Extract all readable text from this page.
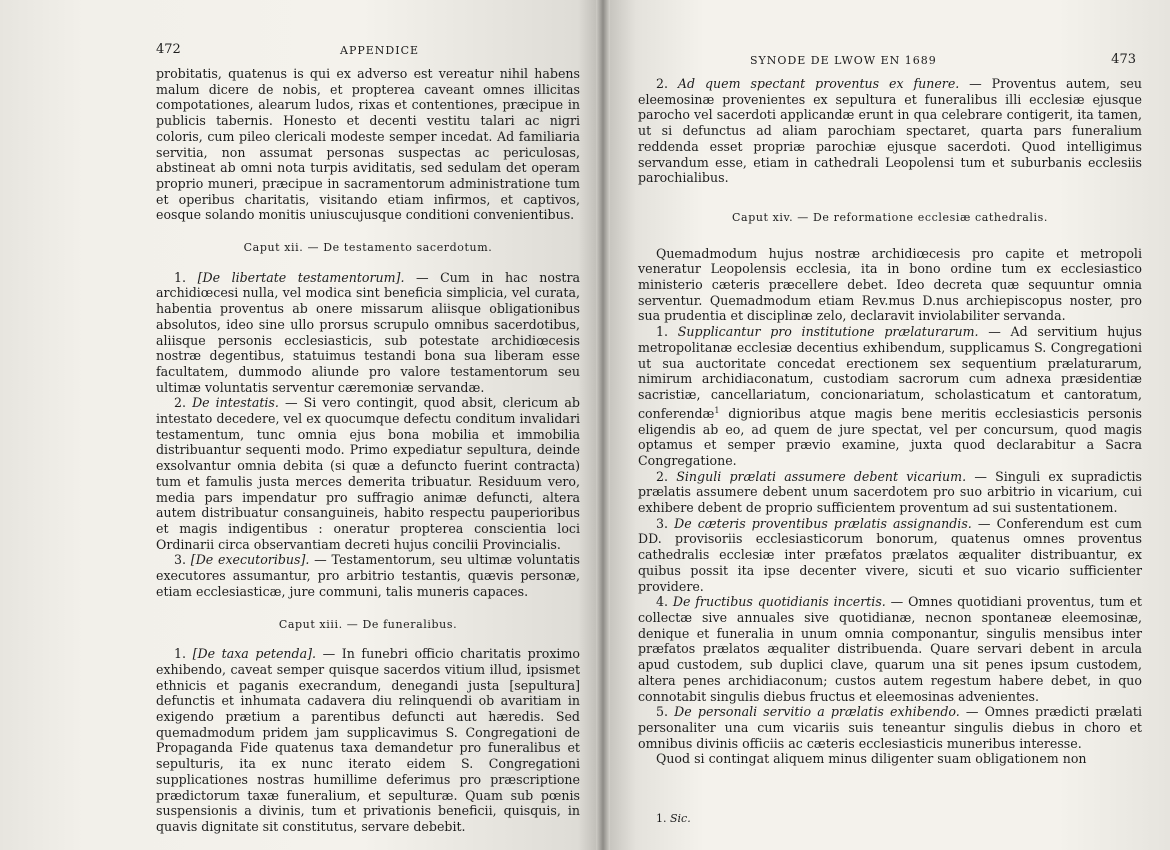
472	APPENDICE

probitatis, quatenus is qui ex adverso est vereatur nihil habens malum dicere de nobis, et propterea caveant omnes illicitas compotationes, alearum ludos, rixas et contentiones, præcipue in publicis tabernis. Honesto et decenti vestitu talari ac nigri coloris, cum pileo clericali modeste semper incedat. Ad familiaria servitia, non assumat personas suspectas ac periculosas, abstineat ab omni nota turpis aviditatis, sed sedulam det operam proprio muneri, præcipue in sacramentorum administratione tum et operibus charitatis, visitando etiam infirmos, et captivos, eosque solando monitis uniuscujusque conditioni convenientibus.

Caput xii. — De testamento sacerdotum.

1. [De libertate testamentorum]. — Cum in hac nostra archidiœcesi nulla, vel modica sint beneficia simplicia, vel curata, habentia proventus ab onere missarum aliisque obligationibus absolutos, ideo sine ullo prorsus scrupulo omnibus sacerdotibus, aliisque personis ecclesiasticis, sub potestate archidiœcesis nostræ degentibus, statuimus testandi bona sua liberam esse facultatem, dummodo aliunde pro valore testamentorum seu ultimæ voluntatis serventur cæremoniæ servandæ.

2. De intestatis. — Si vero contingit, quod absit, clericum ab intestato decedere, vel ex quocumque defectu conditum invalidari testamentum, tunc omnia ejus bona mobilia et immobilia distribuantur sequenti modo. Primo expediatur sepultura, deinde exsolvantur omnia debita (si quæ a defuncto fuerint contracta) tum et famulis justa merces demerita tribuatur. Residuum vero, media pars impendatur pro suffragio animæ defuncti, altera autem distribuatur consanguineis, habito respectu pauperioribus et magis indigentibus : oneratur propterea conscientia loci Ordinarii circa observantiam decreti hujus concilii Provincialis.

3. [De executoribus]. — Testamentorum, seu ultimæ voluntatis executores assumantur, pro arbitrio testantis, quævis personæ, etiam ecclesiasticæ, jure communi, talis muneris capaces.

Caput xiii. — De funeralibus.

1. [De taxa petenda]. — In funebri officio charitatis proximo exhibendo, caveat semper quisque sacerdos vitium illud, ipsismet ethnicis et paganis execrandum, denegandi justa [sepultura] defunctis et inhumata cadavera diu relinquendi ob avaritiam in exigendo prætium a parentibus defuncti aut hæredis. Sed quemadmodum pridem jam supplicavimus S. Congregationi de Propaganda Fide quatenus taxa demandetur pro funeralibus et sepulturis, ita ex nunc iterato eidem S. Congregationi supplicationes nostras humillime deferimus pro præscriptione prædictorum taxæ funeralium, et sepulturæ. Quam sub pœnis suspensionis a divinis, tum et privationis beneficii, quisquis, in quavis dignitate sit constitutus, servare debebit.

SYNODE DE LWOW EN 1689	473

2. Ad quem spectant proventus ex funere. — Proventus autem, seu eleemosinæ provenientes ex sepultura et funeralibus illi ecclesiæ ejusque parocho vel sacerdoti applicandæ erunt in qua celebrare contigerit, ita tamen, ut si defunctus ad aliam parochiam spectaret, quarta pars funeralium reddenda esset propriæ parochiæ ejusque sacerdoti. Quod intelligimus servandum esse, etiam in cathedrali Leopolensi tum et suburbanis ecclesiis parochialibus.

Caput xiv. — De reformatione ecclesiæ cathedralis.

Quemadmodum hujus nostræ archidiœcesis pro capite et metropoli veneratur Leopolensis ecclesia, ita in bono ordine tum ex ecclesiastico ministerio cæteris præcellere debet. Ideo decreta quæ sequuntur omnia serventur. Quemadmodum etiam Rev.mus D.nus archiepiscopus noster, pro sua prudentia et disciplinæ zelo, declaravit inviolabiliter servanda.

1. Supplicantur pro institutione prælaturarum. — Ad servitium hujus metropolitanæ ecclesiæ decentius exhibendum, supplicamus S. Congregationi ut sua auctoritate concedat erectionem sex sequentium prælaturarum, nimirum archidiaconatum, custodiam sacrorum cum adnexa præsidentiæ sacristiæ, cancellariatum, concionariatum, scholasticatum et cantoratum, conferendæ$^1$ dignioribus atque magis bene meritis ecclesiasticis personis eligendis ab eo, ad quem de jure spectat, vel per concursum, quod magis optamus et semper prævio examine, juxta quod declarabitur a Sacra Congregatione.

2. Singuli prælati assumere debent vicarium. — Singuli ex supradictis prælatis assumere debent unum sacerdotem pro suo arbitrio in vicarium, cui exhibere debent de proprio sufficientem proventum ad sui sustentationem.

3. De cæteris proventibus prælatis assignandis. — Conferendum est cum DD. provisoriis ecclesiasticorum bonorum, quatenus omnes proventus cathedralis ecclesiæ inter præfatos prælatos æqualiter distribuantur, ex quibus possit ita ipse decenter vivere, sicuti et suo vicario sufficienter providere.

4. De fructibus quotidianis incertis. — Omnes quotidiani proventus, tum et collectæ sive annuales sive quotidianæ, necnon spontaneæ eleemosinæ, denique et funeralia in unum omnia componantur, singulis mensibus inter præfatos prælatos æqualiter distribuenda. Quare servari debent in arcula apud custodem, sub duplici clave, quarum una sit penes ipsum custodem, altera penes archidiaconum; custos autem regestum habere debet, in quo connotabit singulis diebus fructus et eleemosinas advenientes.

5. De personali servitio a prælatis exhibendo. — Omnes prædicti prælati personaliter una cum vicariis suis teneantur singulis diebus in choro et omnibus divinis officiis ac cæteris ecclesiasticis muneribus interesse.

Quod si contingat aliquem minus diligenter suam obligationem non

1. Sic.
